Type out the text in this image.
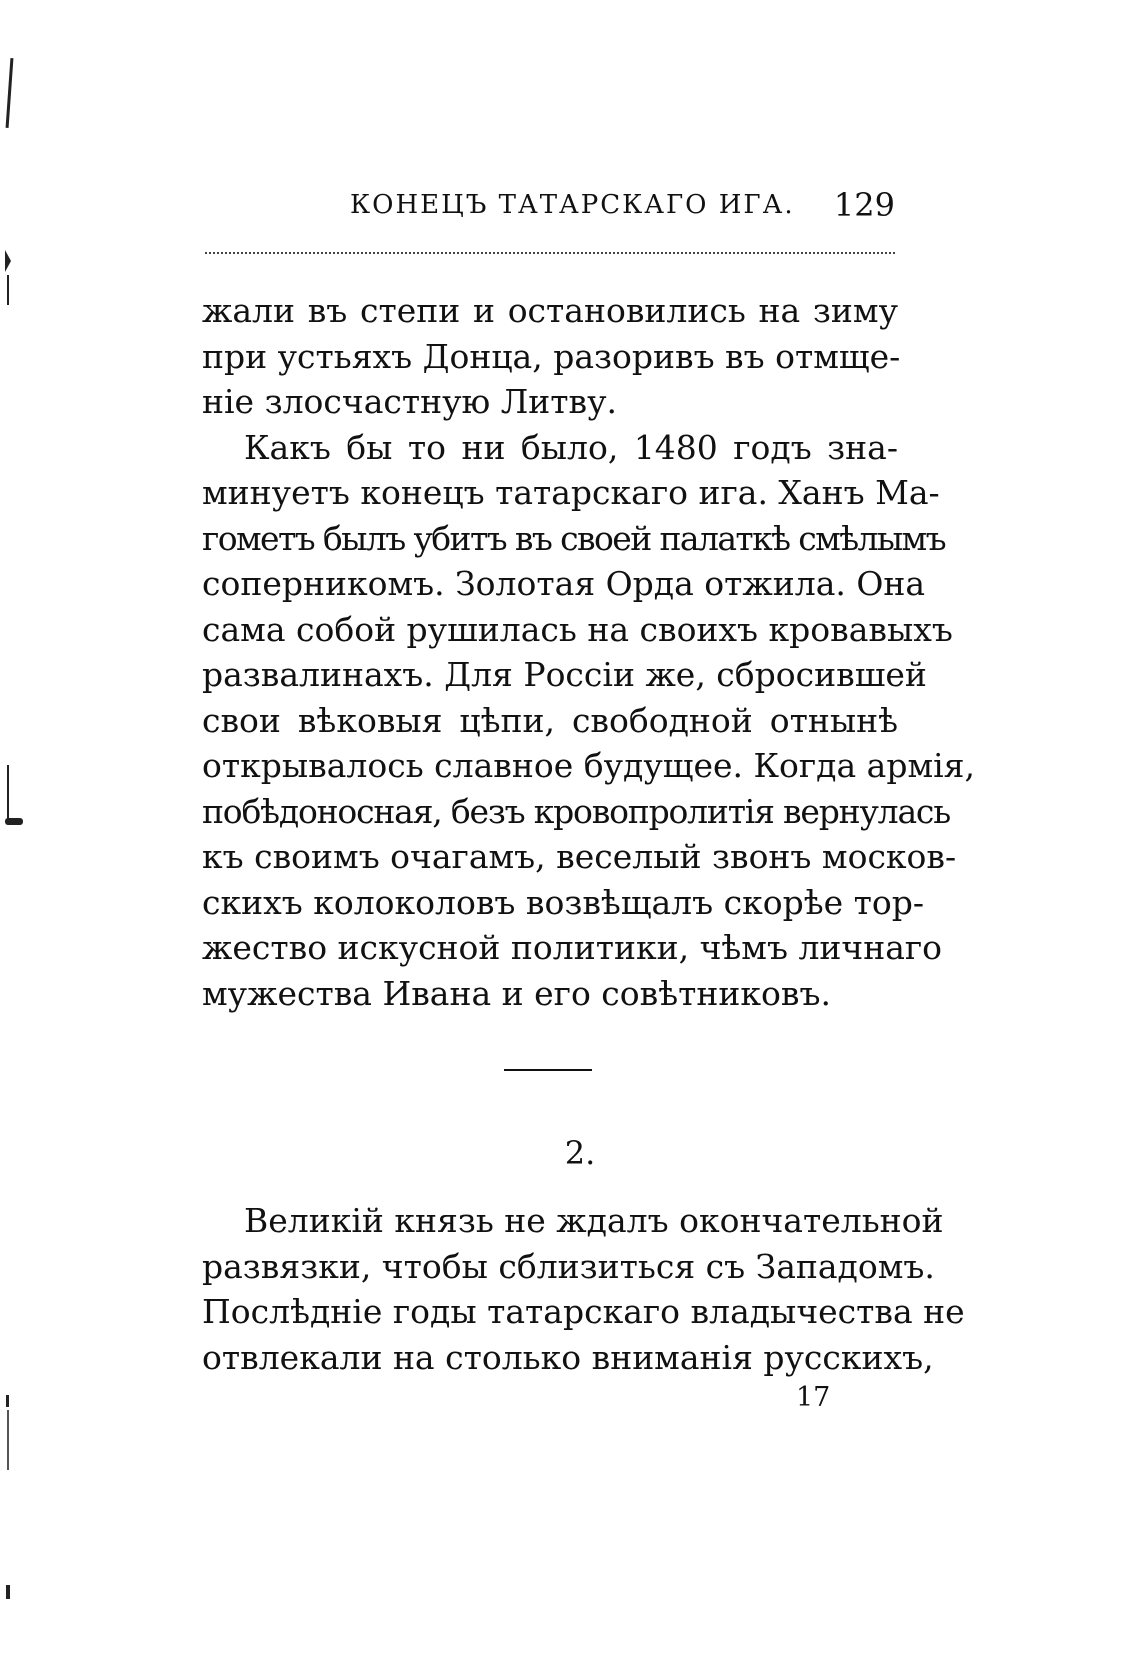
КОНЕЦЪ ТАТАРСКАГО ИГА. 129
жали въ степи и остановились на зиму
при устьяхъ Донца, разоривъ въ отмще-
ніе злосчастную Литву.
Какъ бы то ни было, 1480 годъ зна-
минуетъ конецъ татарскаго ига. Ханъ Ма-
гометъ былъ убитъ въ своей палаткѣ смѣлымъ
соперникомъ. Золотая Орда отжила. Она
сама собой рушилась на своихъ кровавыхъ
развалинахъ. Для Россіи же, сбросившей
свои вѣковыя цѣпи, свободной отнынѣ
открывалось славное будущее. Когда армія,
побѣдоносная, безъ кровопролитія вернулась
къ своимъ очагамъ, веселый звонъ москов-
скихъ колоколовъ возвѣщалъ скорѣе тор-
жество искусной политики, чѣмъ личнаго
мужества Ивана и его совѣтниковъ.
2.
Великій князь не ждалъ окончательной
развязки, чтобы сблизиться съ Западомъ.
Послѣдніе годы татарскаго владычества не
отвлекали на столько вниманія русскихъ,
17
